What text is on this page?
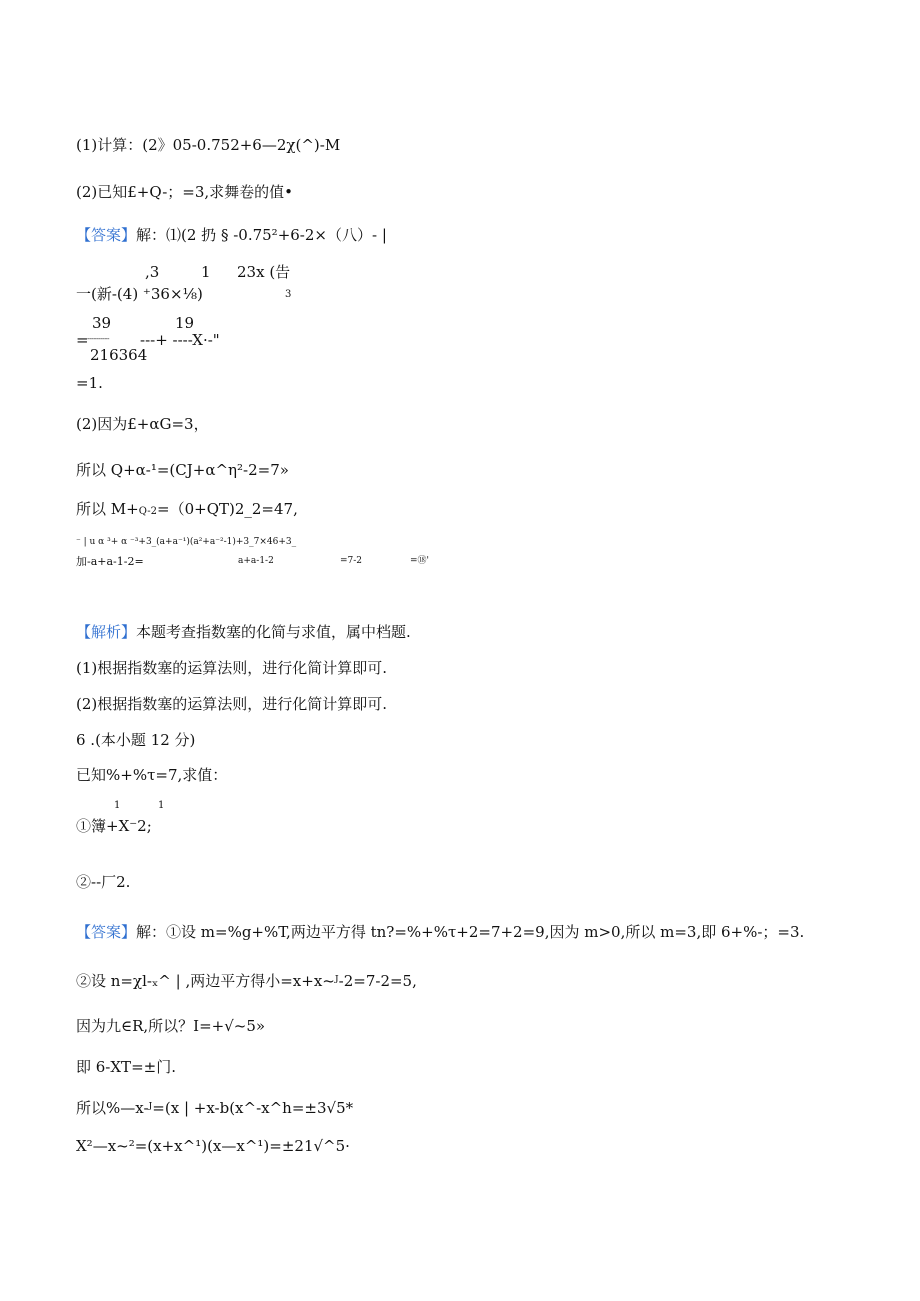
(1)计算：(2》05-0.752+6—2χ(^)-M
(2)已知£+Q-；=3,求舞卷的值•
【答案】解：⑴(2 扔 § -0.75²+6-2×（八）- |
,3	1 23x (告
一(新-(4) ⁺36×⅛)	3
39	19
=
---------- ---+ ----X·-"
216364
=1.
(2)因为£+αG=3，
所以 Q+α-¹=(CJ+α^η²-2=7»
所以 M+Q-2=（0+QT)2_2=47,
⁻ | u α ³+ α ⁻³+3_(a+a⁻¹)(a²+a⁻²-1)+3_7×46+3_
加-a+a-1-2=	a+a-1-2	=7-2	=⑱'
【解析】本题考查指数塞的化简与求值，属中档题.
(1)根据指数塞的运算法则，进行化简计算即可.
(2)根据指数塞的运算法则，进行化简计算即可.
6 .(本小题 12 分)
已知%+%τ=7,求值：
1	1
①簿+X⁻2;
②--厂2.
【答案】解：①设 m=%g+%T,两边平方得 tn?=%+%τ+2=7+2=9,因为 m>0,所以 m=3,即 6+%-；=3.
②设 n=χl-ₓ^ | ,两边平方得小=x+x~ᴶ-2=7-2=5,
因为九∈R,所以？I=+√~5»
即 6-XT=±门.
所以%—x-ᴶ=(x | +x-b(x^-x^h=±3√5*
X²—x~²=(x+x^¹)(x—x^¹)=±21√^5·
